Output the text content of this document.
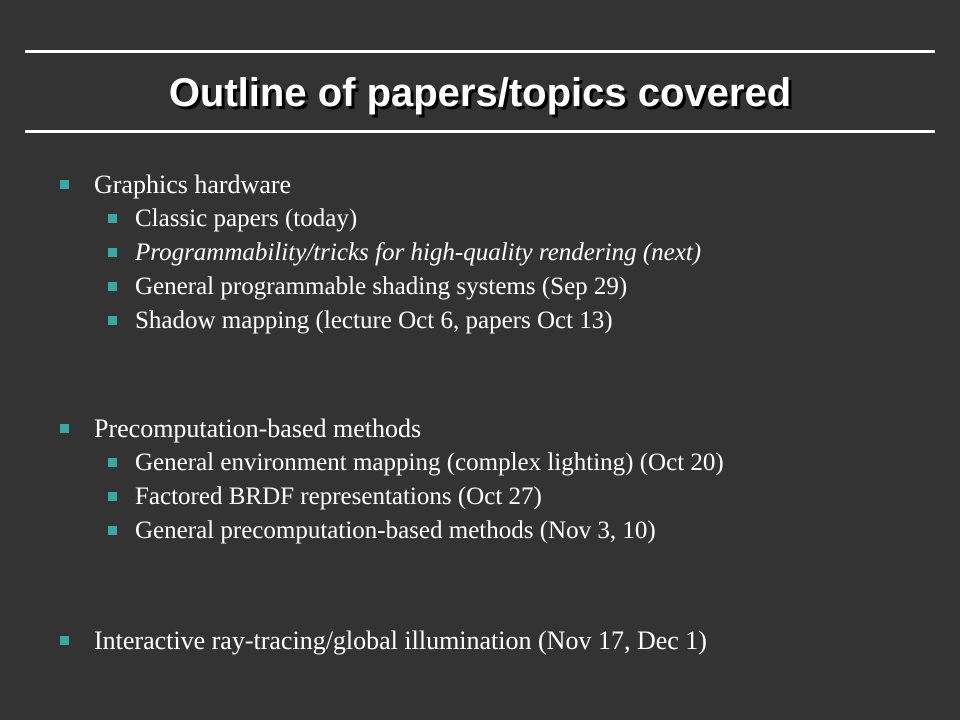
Outline of papers/topics covered
Graphics hardware
Classic papers (today)
Programmability/tricks for high-quality rendering (next)
General programmable shading systems (Sep 29)
Shadow mapping (lecture Oct 6, papers Oct 13)
Precomputation-based methods
General environment mapping (complex lighting) (Oct 20)
Factored BRDF representations (Oct 27)
General precomputation-based methods (Nov 3, 10)
Interactive ray-tracing/global illumination (Nov 17, Dec 1)
